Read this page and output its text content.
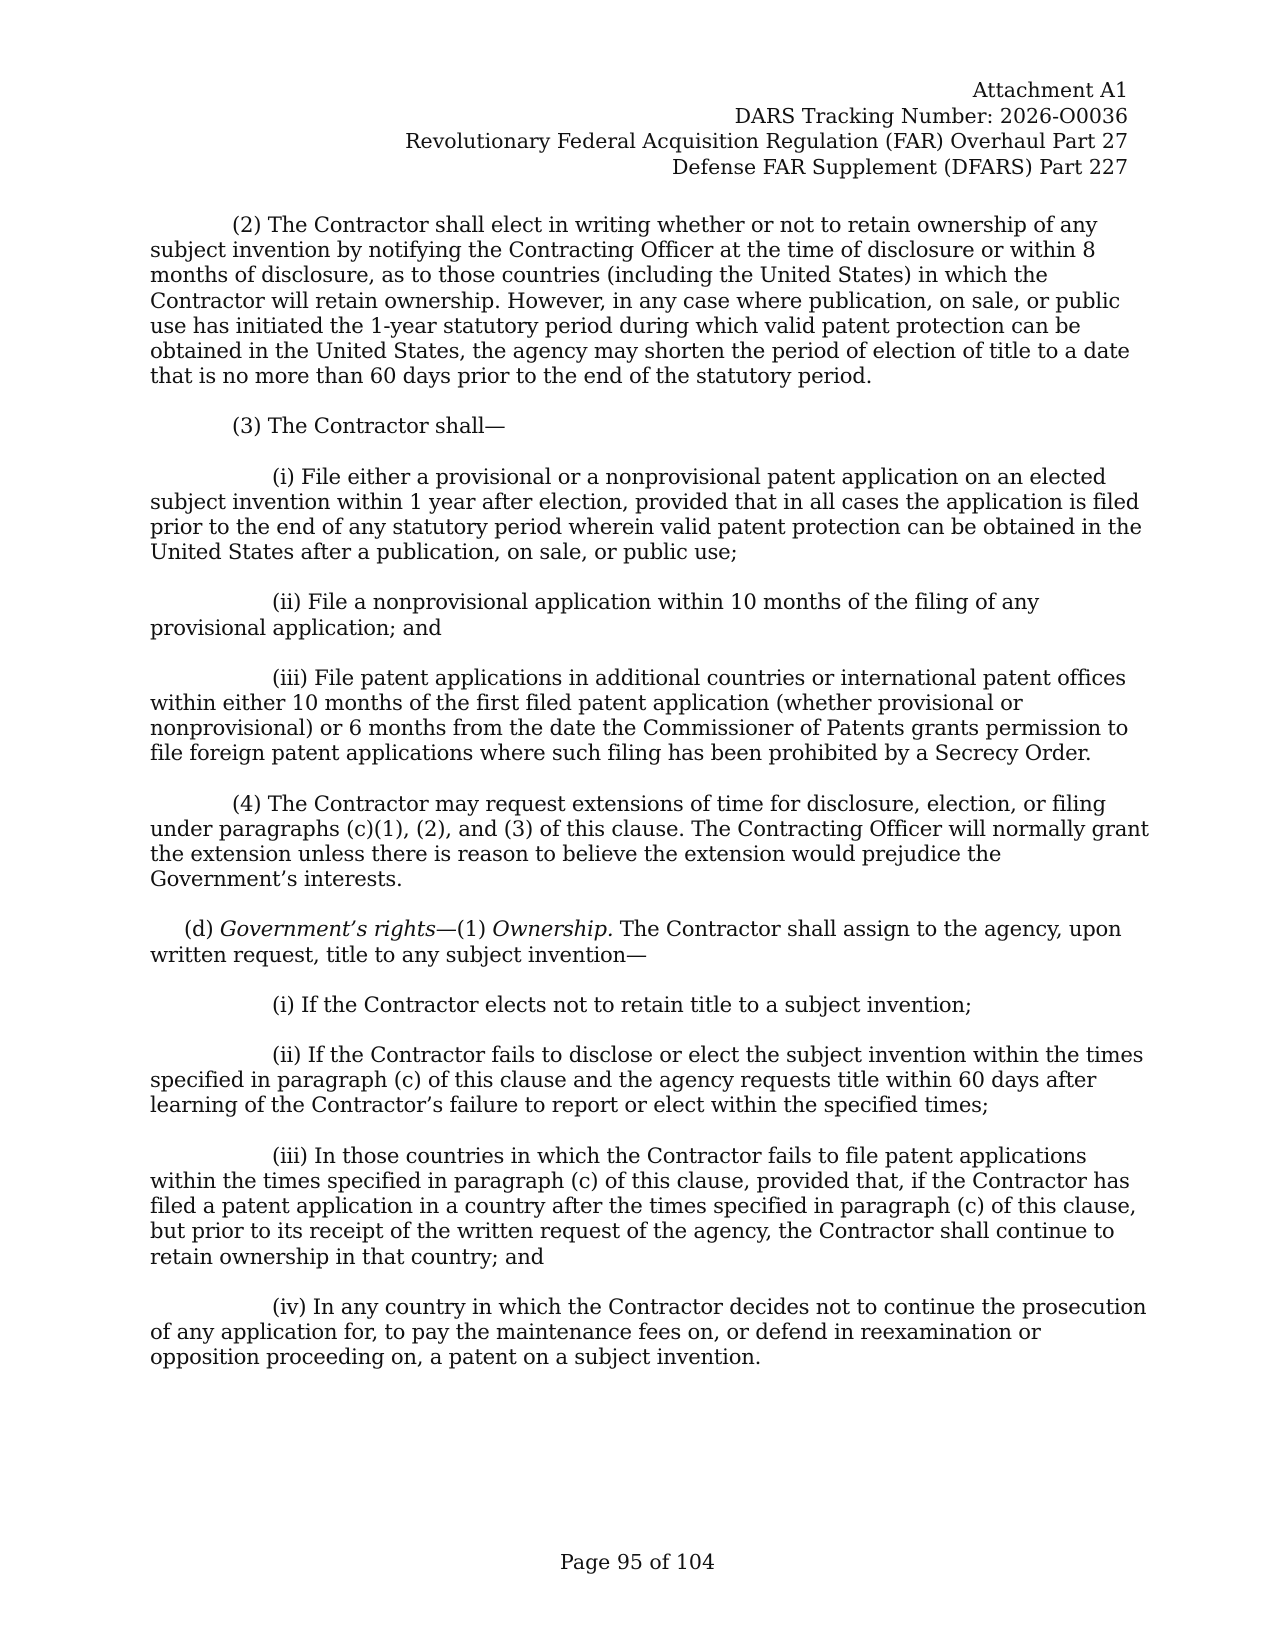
Attachment A1
DARS Tracking Number: 2026-O0036
Revolutionary Federal Acquisition Regulation (FAR) Overhaul Part 27
Defense FAR Supplement (DFARS) Part 227

(2) The Contractor shall elect in writing whether or not to retain ownership of any subject invention by notifying the Contracting Officer at the time of disclosure or within 8 months of disclosure, as to those countries (including the United States) in which the Contractor will retain ownership. However, in any case where publication, on sale, or public use has initiated the 1-year statutory period during which valid patent protection can be obtained in the United States, the agency may shorten the period of election of title to a date that is no more than 60 days prior to the end of the statutory period.

(3) The Contractor shall—

(i) File either a provisional or a nonprovisional patent application on an elected subject invention within 1 year after election, provided that in all cases the application is filed prior to the end of any statutory period wherein valid patent protection can be obtained in the United States after a publication, on sale, or public use;

(ii) File a nonprovisional application within 10 months of the filing of any provisional application; and

(iii) File patent applications in additional countries or international patent offices within either 10 months of the first filed patent application (whether provisional or nonprovisional) or 6 months from the date the Commissioner of Patents grants permission to file foreign patent applications where such filing has been prohibited by a Secrecy Order.

(4) The Contractor may request extensions of time for disclosure, election, or filing under paragraphs (c)(1), (2), and (3) of this clause. The Contracting Officer will normally grant the extension unless there is reason to believe the extension would prejudice the Government’s interests.

(d) Government’s rights—(1) Ownership. The Contractor shall assign to the agency, upon written request, title to any subject invention—

(i) If the Contractor elects not to retain title to a subject invention;

(ii) If the Contractor fails to disclose or elect the subject invention within the times specified in paragraph (c) of this clause and the agency requests title within 60 days after learning of the Contractor’s failure to report or elect within the specified times;

(iii) In those countries in which the Contractor fails to file patent applications within the times specified in paragraph (c) of this clause, provided that, if the Contractor has filed a patent application in a country after the times specified in paragraph (c) of this clause, but prior to its receipt of the written request of the agency, the Contractor shall continue to retain ownership in that country; and

(iv) In any country in which the Contractor decides not to continue the prosecution of any application for, to pay the maintenance fees on, or defend in reexamination or opposition proceeding on, a patent on a subject invention.

Page 95 of 104
